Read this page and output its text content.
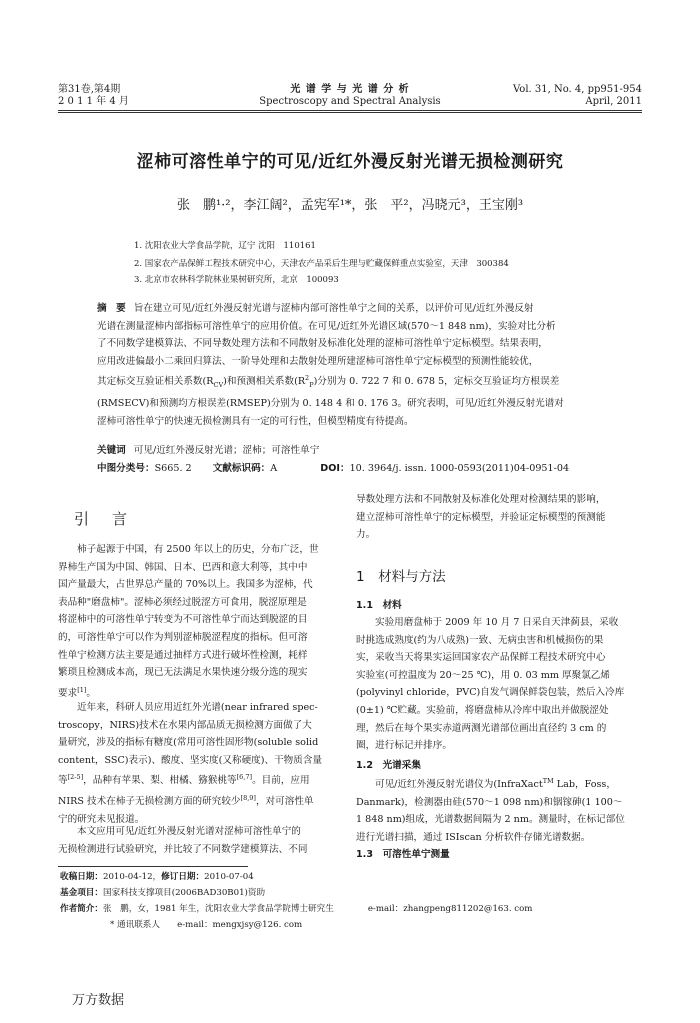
第31卷,第4期
2 0 1 1 年 4 月
光 谱 学 与 光 谱 分 析
Spectroscopy and Spectral Analysis
Vol. 31, No. 4, pp951-954
April, 2011
涩柿可溶性单宁的可见/近红外漫反射光谱无损检测研究
张　鹏¹·²，李江阔²，孟宪军¹*，张　平²，冯晓元³，王宝刚³
1. 沈阳农业大学食品学院，辽宁 沈阳　110161
2. 国家农产品保鲜工程技术研究中心，天津农产品采后生理与贮藏保鲜重点实验室，天津　300384
3. 北京市农林科学院林业果树研究所，北京　100093
摘　要 旨在建立可见/近红外漫反射光谱与涩柿内部可溶性单宁之间的关系，以评价可见/近红外漫反射
光谱在测量涩柿内部指标可溶性单宁的应用价值。在可见/近红外光谱区域(570～1 848 nm)，实验对比分析
了不同数学建模算法、不同导数处理方法和不同散射及标准化处理的涩柿可溶性单宁定标模型。结果表明，
应用改进偏最小二乘回归算法、一阶导处理和去散射处理所建涩柿可溶性单宁定标模型的预测性能较优，
其定标交互验证相关系数$(R_{CV})$和预测相关系数$(R^2_P)$分别为 0. 722 7 和 0. 678 5，定标交互验证均方根误差
(RMSECV)和预测均方根误差(RMSEP)分别为 0. 148 4 和 0. 176 3。研究表明，可见/近红外漫反射光谱对
涩柿可溶性单宁的快速无损检测具有一定的可行性，但模型精度有待提高。
关键词 可见/近红外漫反射光谱；涩柿；可溶性单宁
中图分类号：S665. 2 文献标识码：A	DOI：10. 3964/j. issn. 1000-0593(2011)04-0951-04
引　言
柿子起源于中国，有 2500 年以上的历史，分布广泛，世
界柿生产国为中国、韩国、日本、巴西和意大利等，其中中
国产量最大，占世界总产量的 70%以上。我国多为涩柿，代
表品种"磨盘柿"。涩柿必须经过脱涩方可食用，脱涩原理是
将涩柿中的可溶性单宁转变为不可溶性单宁而达到脱涩的目
的，可溶性单宁可以作为判别涩柿脱涩程度的指标。但可溶
性单宁检测方法主要是通过抽样方式进行破坏性检测，耗样
繁琐且检测成本高，现已无法满足水果快速分级分选的现实
要求[1]。
近年来，科研人员应用近红外光谱(near infrared spec-
troscopy，NIRS)技术在水果内部品质无损检测方面做了大
量研究，涉及的指标有糖度(常用可溶性固形物(soluble solid
content，SSC)表示)、酸度、坚实度(又称硬度)、干物质含量
等[2-5]，品种有苹果、梨、柑橘、猕猴桃等[6,7]。目前，应用
NIRS 技术在柿子无损检测方面的研究较少[8,9]，对可溶性单
宁的研究未见报道。
本文应用可见/近红外漫反射光谱对涩柿可溶性单宁的
无损检测进行试验研究，并比较了不同数学建模算法、不同
导数处理方法和不同散射及标准化处理对检测结果的影响，
建立涩柿可溶性单宁的定标模型，并验证定标模型的预测能
力。
1　材料与方法
1.1　材料
实验用磨盘柿于 2009 年 10 月 7 日采自天津蓟县，采收
时挑选成熟度(约为八成熟)一致、无病虫害和机械损伤的果
实，采收当天将果实运回国家农产品保鲜工程技术研究中心
实验室(可控温度为 20～25 ℃)，用 0. 03 mm 厚聚氯乙烯
(polyvinyl chloride，PVC)自发气调保鲜袋包装，然后入冷库
(0±1) ℃贮藏。实验前，将磨盘柿从冷库中取出并做脱涩处
理，然后在每个果实赤道两测光谱部位画出直径约 3 cm 的
圈，进行标记并排序。
1.2　光谱采集
可见/近红外漫反射光谱仪为(InfraXact™ Lab，Foss，
Danmark)，检测器由硅(570～1 098 nm)和铟镓砷(1 100～
1 848 nm)组成，光谱数据间隔为 2 nm。测量时，在标记部位
进行光谱扫描，通过 ISIscan 分析软件存储光谱数据。
1.3　可溶性单宁测量
收稿日期：2010-04-12，修订日期：2010-07-04
基金项目：国家科技支撑项目(2006BAD30B01)资助
作者简介：张　鹏，女，1981 年生，沈阳农业大学食品学院博士研究生	e-mail：zhangpeng811202@163. com
* 通讯联系人　　e-mail：mengxjsy@126. com
万方数据
